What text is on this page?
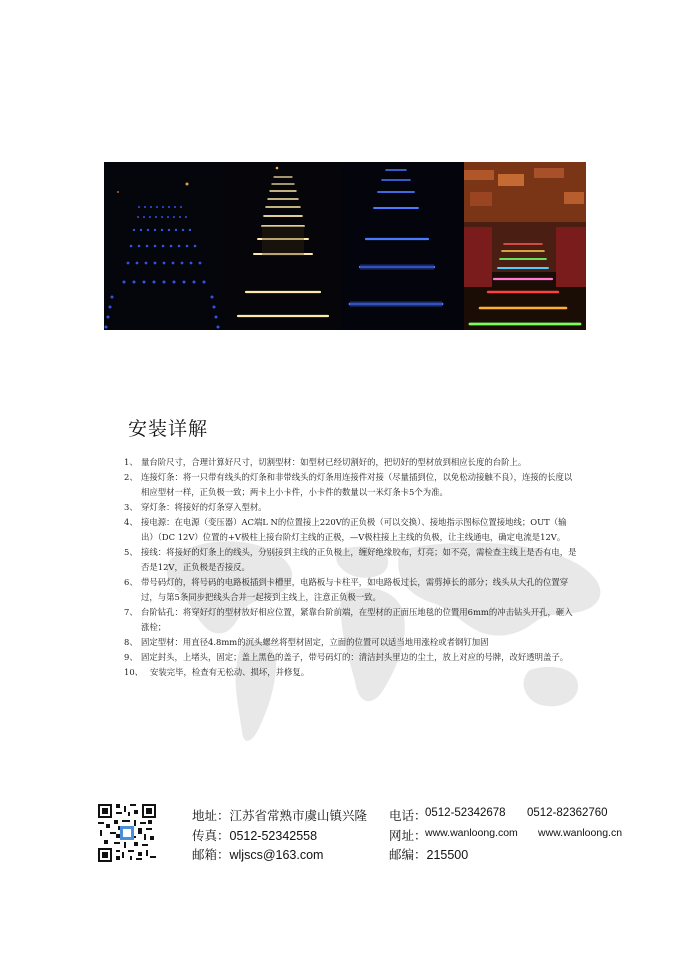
安装详解
1、 量台阶尺寸，合理计算好尺寸，切割型材：如型材已经切割好的，把切好的型材放到相应长度的台阶上。
2、 连接灯条：将一只带有线头的灯条和非带线头的灯条用连接件对接（尽量插到位，以免松动接触不良），连接的长度以相应型材一样，正负极一致；两卡上小卡件，小卡件的数量以一米灯条卡5个为准。
3、 穿灯条：将接好的灯条穿入型材。
4、 接电源：在电源（变压器）AC端L N的位置接上220V的正负极（可以交换）、接地指示图标位置接地线；OUT（输出）（DC 12V）位置的+V极柱上接台阶灯主线的正极，—V极柱接上主线的负极，让主线通电，确定电流是12V。
5、 接线：将接好的灯条上的线头，分别接到主线的正负极上，缠好绝缘胶布，灯亮；如不亮，需检查主线上是否有电，是否是12V，正负极是否接反。
6、 带号码灯的，将号码的电路板插到卡槽里，电路板与卡柱平，如电路板过长，需剪掉长的部分；线头从大孔的位置穿过，与第5条同步把线头合并一起接到主线上，注意正负极一致。
7、 台阶钻孔：将穿好灯的型材放好相应位置，紧靠台阶前端，在型材的正面压地毯的位置用6mm的冲击钻头开孔，砸入涨栓；
8、 固定型材：用直径4.8mm的沉头螺丝将型材固定，立面的位置可以适当地用涨栓或者钢钉加固
9、 固定封头，上堵头，固定；盖上黑色的盖子，带号码灯的：清洁封头里边的尘土，放上对应的号牌，改好透明盖子。
10、 安装完毕，检查有无松动、损坏，并修复。
地址：江苏省常熟市虞山镇兴隆 电话：
0512-52342678 0512-82362760
传真：0512-52342558	网址：
www.wanloong.com www.wanloong.cn
邮箱：wljscs@163.com	邮编：215500
